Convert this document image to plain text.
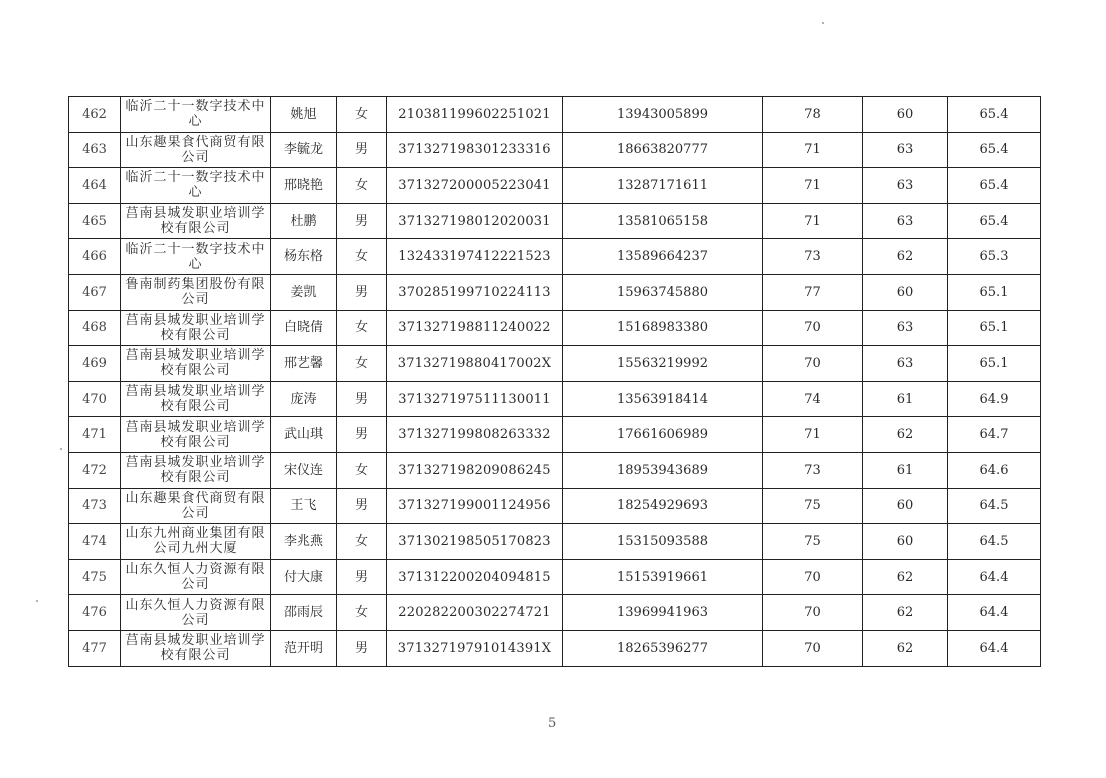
462	临沂二十一数字技术中心	姚旭	女	210381199602251021	13943005899	78	60	65.4
463	山东趣果食代商贸有限公司	李毓龙	男	371327198301233316	18663820777	71	63	65.4
464	临沂二十一数字技术中心	邢晓艳	女	371327200005223041	13287171611	71	63	65.4
465	莒南县城发职业培训学校有限公司	杜鹏	男	371327198012020031	13581065158	71	63	65.4
466	临沂二十一数字技术中心	杨东格	女	132433197412221523	13589664237	73	62	65.3
467	鲁南制药集团股份有限公司	姜凯	男	370285199710224113	15963745880	77	60	65.1
468	莒南县城发职业培训学校有限公司	白晓倩	女	371327198811240022	15168983380	70	63	65.1
469	莒南县城发职业培训学校有限公司	邢艺馨	女	37132719880417002X	15563219992	70	63	65.1
470	莒南县城发职业培训学校有限公司	庞涛	男	371327197511130011	13563918414	74	61	64.9
471	莒南县城发职业培训学校有限公司	武山琪	男	371327199808263332	17661606989	71	62	64.7
472	莒南县城发职业培训学校有限公司	宋仪连	女	371327198209086245	18953943689	73	61	64.6
473	山东趣果食代商贸有限公司	王飞	男	371327199001124956	18254929693	75	60	64.5
474	山东九州商业集团有限公司九州大厦	李兆燕	女	371302198505170823	15315093588	75	60	64.5
475	山东久恒人力资源有限公司	付大康	男	371312200204094815	15153919661	70	62	64.4
476	山东久恒人力资源有限公司	邵雨辰	女	220282200302274721	13969941963	70	62	64.4
477	莒南县城发职业培训学校有限公司	范开明	男	37132719791014391X	18265396277	70	62	64.4
5
